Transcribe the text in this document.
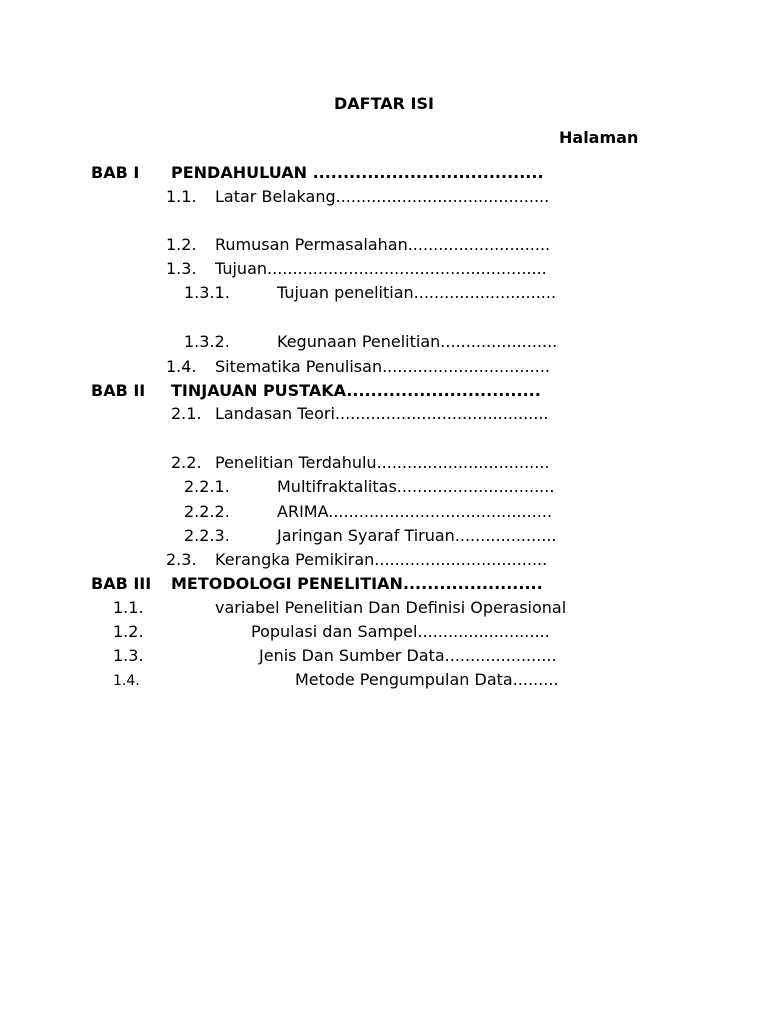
DAFTAR ISI
Halaman
BAB I PENDAHULUAN ......................................
1.1. Latar Belakang..........................................
1.2. Rumusan Permasalahan............................
1.3. Tujuan.......................................................
1.3.1.	Tujuan penelitian............................
1.3.2.	Kegunaan Penelitian.......................
1.4. Sitematika Penulisan.................................
BAB II TINJAUAN PUSTAKA................................
2.1. Landasan Teori..........................................
2.2. Penelitian Terdahulu..................................
2.2.1.	Multifraktalitas...............................
2.2.2.	ARIMA............................................
2.2.3.	Jaringan Syaraf Tiruan....................
2.3. Kerangka Pemikiran..................................
BAB III METODOLOGI PENELITIAN.......................
1.1.	variabel Penelitian Dan Definisi Operasional
1.2.	Populasi dan Sampel..........................
1.3.	Jenis Dan Sumber Data......................
1.4.	Metode Pengumpulan Data.........
